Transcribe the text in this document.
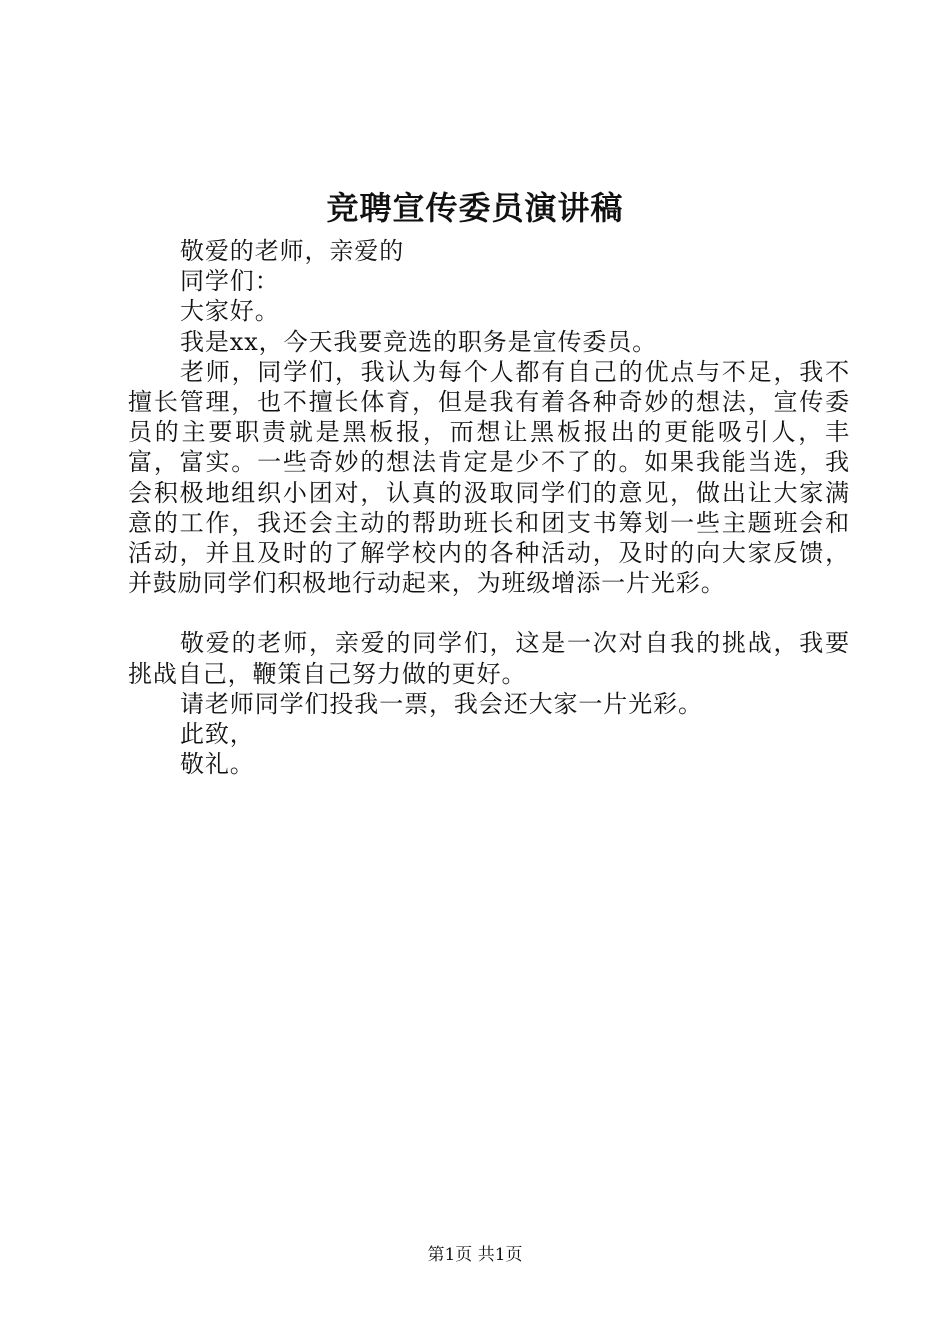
竞聘宣传委员演讲稿

敬爱的老师，亲爱的

同学们：

大家好。

我是xx，今天我要竞选的职务是宣传委员。

老师，同学们，我认为每个人都有自己的优点与不足，我不擅长管理，也不擅长体育，但是我有着各种奇妙的想法，宣传委员的主要职责就是黑板报，而想让黑板报出的更能吸引人，丰富，富实。一些奇妙的想法肯定是少不了的。如果我能当选，我会积极地组织小团对，认真的汲取同学们的意见，做出让大家满意的工作，我还会主动的帮助班长和团支书筹划一些主题班会和活动，并且及时的了解学校内的各种活动，及时的向大家反馈，并鼓励同学们积极地行动起来，为班级增添一片光彩。

敬爱的老师，亲爱的同学们，这是一次对自我的挑战，我要挑战自己，鞭策自己努力做的更好。

请老师同学们投我一票，我会还大家一片光彩。

此致，

敬礼。

第1页 共1页
